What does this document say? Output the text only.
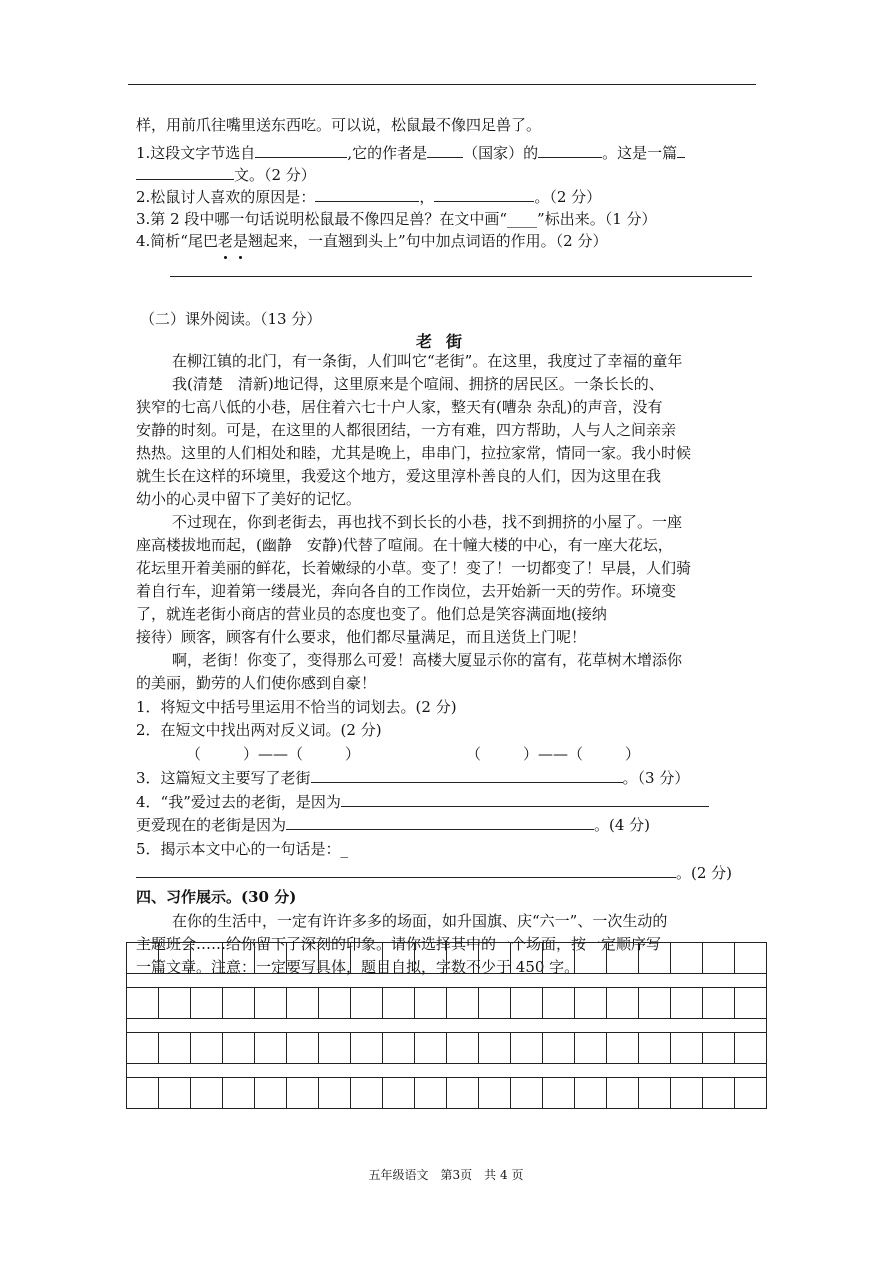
样，用前爪往嘴里送东西吃。可以说，松鼠最不像四足兽了。
1.这段文字节选自	,它的作者是 （国家）的	。这是一篇
文。（2 分）
2.松鼠讨人喜欢的原因是：	，	。（2 分）
3.第 2 段中哪一句话说明松鼠最不像四足兽？在文中画“____”标出来。（1 分）
4.简析“尾巴老是翘起来，一直翘到头上”句中加点词语的作用。（2 分）
（二）课外阅读。（13 分）
老街
在柳江镇的北门，有一条街，人们叫它“老街”。在这里，我度过了幸福的童年
我(清楚　清新)地记得，这里原来是个喧闹、拥挤的居民区。一条长长的、
狭窄的七高八低的小巷，居住着六七十户人家，整天有(嘈杂 杂乱)的声音，没有
安静的时刻。可是，在这里的人都很团结，一方有难，四方帮助，人与人之间亲亲
热热。这里的人们相处和睦，尤其是晚上，串串门，拉拉家常，情同一家。我小时候
就生长在这样的环境里，我爱这个地方，爱这里淳朴善良的人们，因为这里在我
幼小的心灵中留下了美好的记忆。
不过现在，你到老街去，再也找不到长长的小巷，找不到拥挤的小屋了。一座
座高楼拔地而起，(幽静　安静)代替了喧闹。在十幢大楼的中心，有一座大花坛，
花坛里开着美丽的鲜花，长着嫩绿的小草。变了！变了！一切都变了！早晨，人们骑
着自行车，迎着第一缕晨光，奔向各自的工作岗位，去开始新一天的劳作。环境变
了，就连老街小商店的营业员的态度也变了。他们总是笑容满面地(接纳
接待）顾客，顾客有什么要求，他们都尽量满足，而且送货上门呢！
啊，老街！你变了，变得那么可爱！高楼大厦显示你的富有，花草树木增添你
的美丽，勤劳的人们使你感到自豪！
1．将短文中括号里运用不恰当的词划去。(2 分)
2．在短文中找出两对反义词。(2 分)
（	）——（	）	（	）——（	）
3．这篇短文主要写了老街	。（3 分）
4．“我”爱过去的老街，是因为
更爱现在的老街是因为	。(4 分)
5．揭示本文中心的一句话是：_
。(2 分)
四、习作展示。(30 分)
在你的生活中，一定有许许多多的场面，如升国旗、庆“六一”、一次生动的
主题班会……给你留下了深刻的印象。请你选择其中的一个场面，按一定顺序写
一篇文章。注意：一定要写具体，题目自拟，字数不少于 450 字。

五年级语文　第3页　共 4 页
